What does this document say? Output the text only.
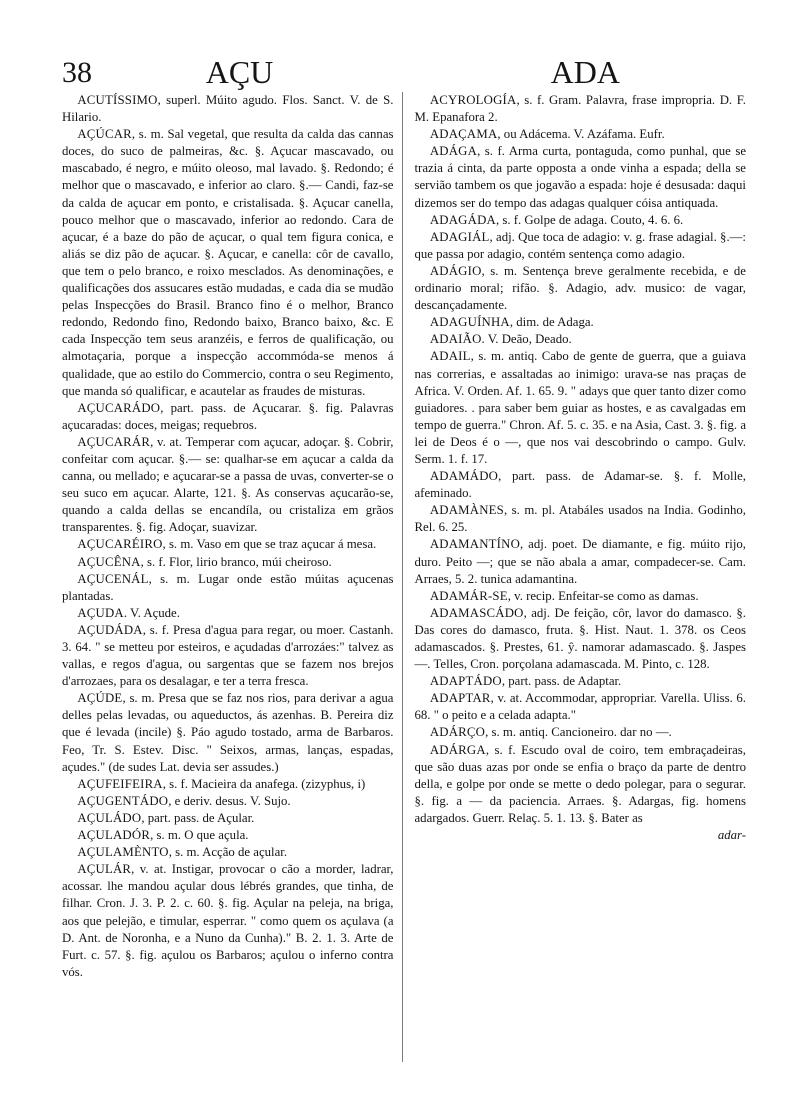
38	AÇU	ADA

ACUTÍSSIMO, superl. Múito agudo. Flos. Sanct. V. de S. Hilario.

AÇÚCAR, s. m. Sal vegetal, que resulta da calda das cannas doces, do suco de palmeiras, &c. §. Açucar mascavado, ou mascabado, é negro, e múito oleoso, mal lavado. §. Redondo; é melhor que o mascavado, e inferior ao claro. §.— Candi, faz-se da calda de açucar em ponto, e cristalisada. §. Açucar canella, pouco melhor que o mascavado, inferior ao redondo. Cara de açucar, é a baze do pão de açucar, o qual tem figura conica, e aliás se diz pão de açucar. §. Açucar, e canella: côr de cavallo, que tem o pelo branco, e roixo mesclados. As denominações, e qualificações dos assucares estão mudadas, e cada dia se mudão pelas Inspecções do Brasil. Branco fino é o melhor, Branco redondo, Redondo fino, Redondo baixo, Branco baixo, &c. E cada Inspecção tem seus aranzéis, e ferros de qualificação, ou almotaçaria, porque a inspecção accommóda-se menos á qualidade, que ao estilo do Commercio, contra o seu Regimento, que manda só qualificar, e acautelar as fraudes de misturas.

AÇUCARÁDO, part. pass. de Açucarar. §. fig. Palavras açucaradas: doces, meigas; requebros.

AÇUCARÁR, v. at. Temperar com açucar, adoçar. §. Cobrir, confeitar com açucar. §.— se: qualhar-se em açucar a calda da canna, ou mellado; e açucarar-se a passa de uvas, converter-se o seu suco em açucar. Alarte, 121. §. As conservas açucarão-se, quando a calda dellas se encandíla, ou cristaliza em grãos transparentes. §. fig. Adoçar, suavizar.

AÇUCARÉIRO, s. m. Vaso em que se traz açucar á mesa.

AÇUCÊNA, s. f. Flor, lirio branco, múi cheiroso.

AÇUCENÁL, s. m. Lugar onde estão múitas açucenas plantadas.

AÇUDA. V. Açude.

AÇUDÁDA, s. f. Presa d'agua para regar, ou moer. Castanh. 3. 64. " se metteu por esteiros, e açudadas d'arrozáes:" talvez as vallas, e regos d'agua, ou sargentas que se fazem nos brejos d'arrozaes, para os desalagar, e ter a terra fresca.

AÇÚDE, s. m. Presa que se faz nos rios, para derivar a agua delles pelas levadas, ou aqueductos, ás azenhas. B. Pereira diz que é levada (incile) §. Páo agudo tostado, arma de Barbaros. Feo, Tr. S. Estev. Disc. " Seixos, armas, lanças, espadas, açudes." (de sudes Lat. devia ser assudes.)

AÇUFEIFEIRA, s. f. Macieira da anafega. (zizyphus, i)

AÇUGENTÁDO, e deriv. desus. V. Sujo.

AÇULÁDO, part. pass. de Açular.

AÇULADÓR, s. m. O que açula.

AÇULAMÈNTO, s. m. Acção de açular.

AÇULÁR, v. at. Instigar, provocar o cão a morder, ladrar, acossar. lhe mandou açular dous lébrés grandes, que tinha, de filhar. Cron. J. 3. P. 2. c. 60. §. fig. Açular na peleja, na briga, aos que pelejão, e timular, esperrar. " como quem os açulava (a D. Ant. de Noronha, e a Nuno da Cunha)." B. 2. 1. 3. Arte de Furt. c. 57. §. fig. açulou os Barbaros; açulou o inferno contra vós.

ACYROLOGÍA, s. f. Gram. Palavra, frase impropria. D. F. M. Epanafora 2.

ADAÇAMA, ou Adácema. V. Azáfama. Eufr.

ADÁGA, s. f. Arma curta, pontaguda, como punhal, que se trazia á cinta, da parte opposta a onde vinha a espada; della se servião tambem os que jogavão a espada: hoje é desusada: daqui dizemos ser do tempo das adagas qualquer cóisa antiquada.

ADAGÁDA, s. f. Golpe de adaga. Couto, 4. 6. 6.

ADAGIÁL, adj. Que toca de adagio: v. g. frase adagial. §.—: que passa por adagio, contém sentença como adagio.

ADÁGIO, s. m. Sentença breve geralmente recebida, e de ordinario moral; rifão. §. Adagio, adv. musico: de vagar, descançadamente.

ADAGUÍNHA, dim. de Adaga.

ADAIÃO. V. Deão, Deado.

ADAIL, s. m. antiq. Cabo de gente de guerra, que a guiava nas correrias, e assaltadas ao inimigo: urava-se nas praças de Africa. V. Orden. Af. 1. 65. 9. " adays que quer tanto dizer como guiadores. . para saber bem guiar as hostes, e as cavalgadas em tempo de guerra." Chron. Af. 5. c. 35. e na Asia, Cast. 3. §. fig. a lei de Deos é o —, que nos vai descobrindo o campo. Gulv. Serm. 1. f. 17.

ADAMÁDO, part. pass. de Adamar-se. §. f. Molle, afeminado.

ADAMÀNES, s. m. pl. Atabáles usados na India. Godinho, Rel. 6. 25.

ADAMANTÍNO, adj. poet. De diamante, e fig. múito rijo, duro. Peito —; que se não abala a amar, compadecer-se. Cam. Arraes, 5. 2. tunica adamantina.

ADAMÁR-SE, v. recip. Enfeitar-se como as damas.

ADAMASCÁDO, adj. De feição, côr, lavor do damasco. §. Das cores do damasco, fruta. §. Hist. Naut. 1. 378. os Ceos adamascados. §. Prestes, 61. ŷ. namorar adamascado. §. Jaspes —. Telles, Cron. porçolana adamascada. M. Pinto, c. 128.

ADAPTÁDO, part. pass. de Adaptar.

ADAPTAR, v. at. Accommodar, appropriar. Varella. Uliss. 6. 68. " o peito e a celada adapta."

ADÁRÇO, s. m. antiq. Cancioneiro. dar no —.

ADÁRGA, s. f. Escudo oval de coiro, tem embraçadeiras, que são duas azas por onde se enfia o braço da parte de dentro della, e golpe por onde se mette o dedo polegar, para o segurar. §. fig. a — da paciencia. Arraes. §. Adargas, fig. homens adargados. Guerr. Relaç. 5. 1. 13. §. Bater as

adar-
